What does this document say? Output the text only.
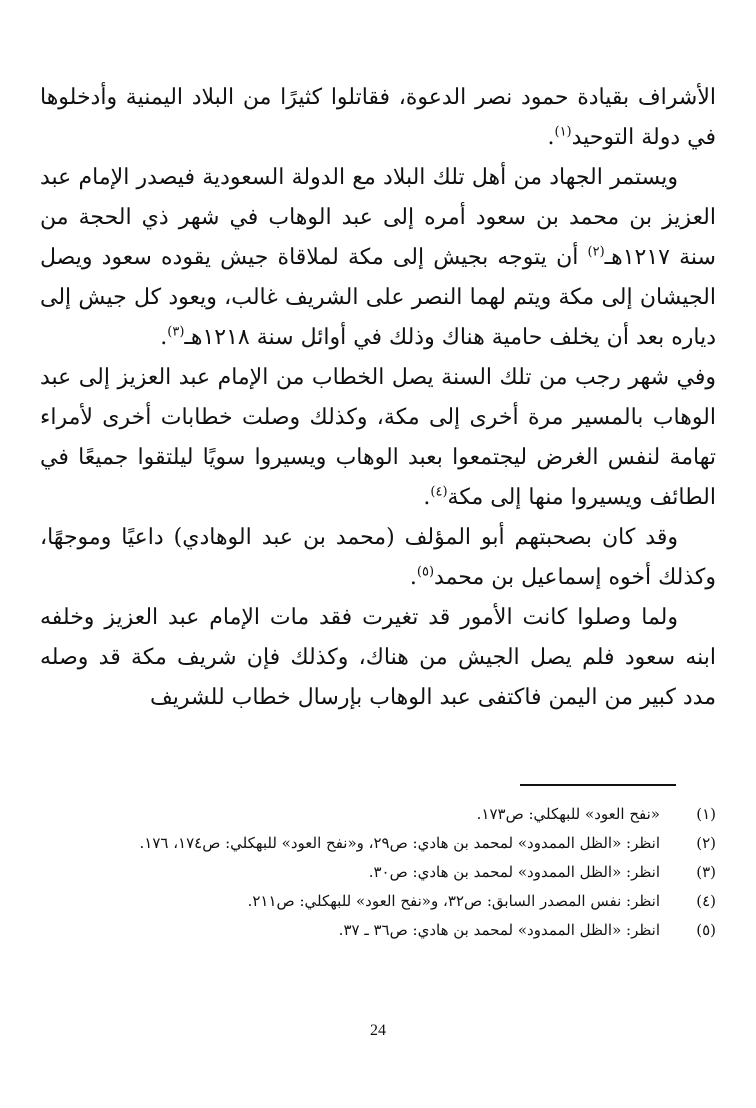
الأشراف بقيادة حمود نصر الدعوة، فقاتلوا كثيرًا من البلاد اليمنية وأدخلوها في دولة التوحيد$^{(١)}$.

ويستمر الجهاد من أهل تلك البلاد مع الدولة السعودية فيصدر الإمام عبد العزيز بن محمد بن سعود أمره إلى عبد الوهاب في شهر ذي الحجة من سنة ١٢١٧هـ$^{(٢)}$ أن يتوجه بجيش إلى مكة لملاقاة جيش يقوده سعود ويصل الجيشان إلى مكة ويتم لهما النصر على الشريف غالب، ويعود كل جيش إلى دياره بعد أن يخلف حامية هناك وذلك في أوائل سنة ١٢١٨هـ$^{(٣)}$.

وفي شهر رجب من تلك السنة يصل الخطاب من الإمام عبد العزيز إلى عبد الوهاب بالمسير مرة أخرى إلى مكة، وكذلك وصلت خطابات أخرى لأمراء تهامة لنفس الغرض ليجتمعوا بعبد الوهاب ويسيروا سويًا ليلتقوا جميعًا في الطائف ويسيروا منها إلى مكة$^{(٤)}$.

وقد كان بصحبتهم أبو المؤلف (محمد بن عبد الوهادي) داعيًا وموجهًا، وكذلك أخوه إسماعيل بن محمد$^{(٥)}$.

ولما وصلوا كانت الأمور قد تغيرت فقد مات الإمام عبد العزيز وخلفه ابنه سعود فلم يصل الجيش من هناك، وكذلك فإن شريف مكة قد وصله مدد كبير من اليمن فاكتفى عبد الوهاب بإرسال خطاب للشريف

(١)
«نفح العود» للبهكلي: ص١٧٣.
(٢)
انظر: «الظل الممدود» لمحمد بن هادي: ص٢٩، و«نفح العود» للبهكلي: ص١٧٤، ١٧٦.
(٣)
انظر: «الظل الممدود» لمحمد بن هادي: ص٣٠.
(٤)
انظر: نفس المصدر السابق: ص٣٢، و«نفح العود» للبهكلي: ص٢١١.
(٥)
انظر: «الظل الممدود» لمحمد بن هادي: ص٣٦ ـ ٣٧.
24
